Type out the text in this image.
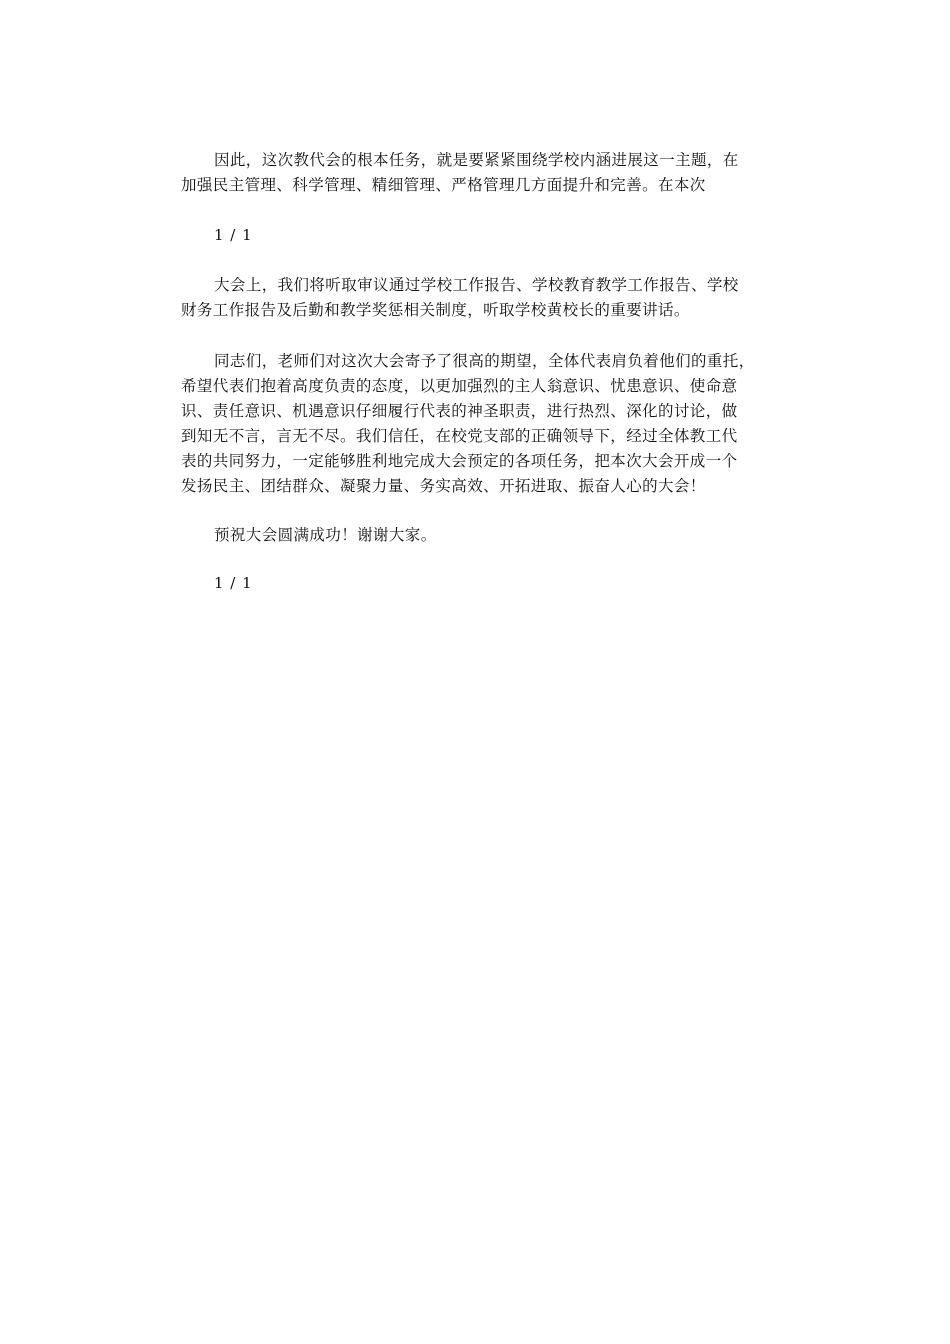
因此，这次教代会的根本任务，就是要紧紧围绕学校内涵进展这一主题，在
加强民主管理、科学管理、精细管理、严格管理几方面提升和完善。在本次
1 / 1
大会上，我们将听取审议通过学校工作报告、学校教育教学工作报告、学校
财务工作报告及后勤和教学奖惩相关制度，听取学校黄校长的重要讲话。
同志们，老师们对这次大会寄予了很高的期望，全体代表肩负着他们的重托，
希望代表们抱着高度负责的态度，以更加强烈的主人翁意识、忧患意识、使命意
识、责任意识、机遇意识仔细履行代表的神圣职责，进行热烈、深化的讨论，做
到知无不言，言无不尽。我们信任，在校党支部的正确领导下，经过全体教工代
表的共同努力，一定能够胜利地完成大会预定的各项任务，把本次大会开成一个
发扬民主、团结群众、凝聚力量、务实高效、开拓进取、振奋人心的大会！
预祝大会圆满成功！谢谢大家。
1 / 1
